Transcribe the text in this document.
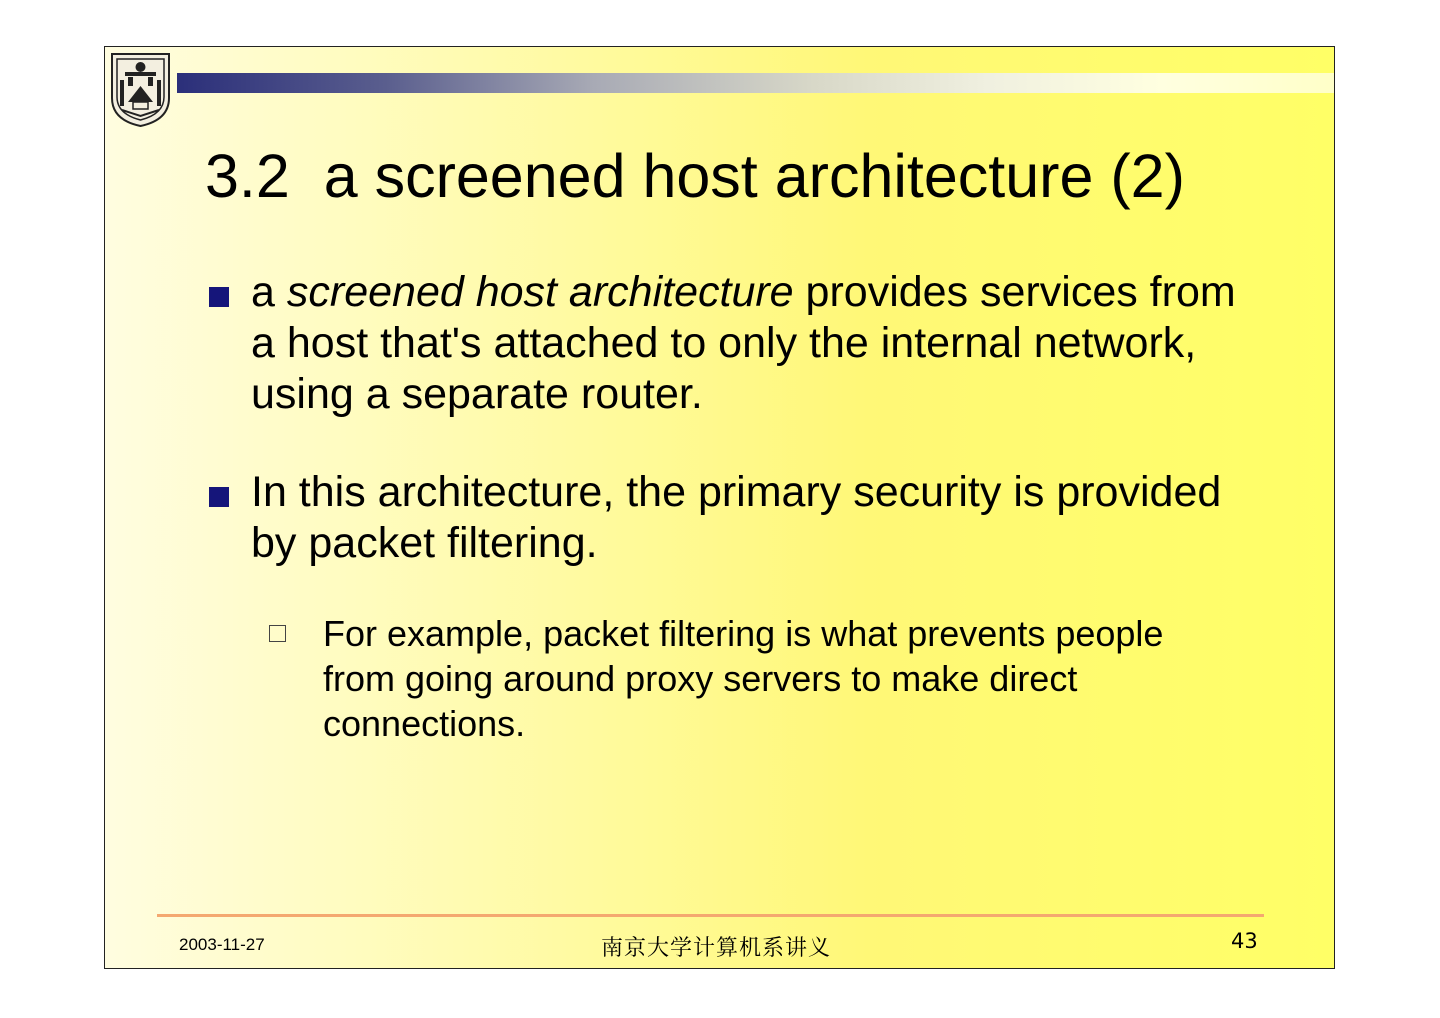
3.2  a screened host architecture (2)
a screened host architecture provides services from a host that's attached to only the internal network, using a separate router.
In this architecture, the primary security is provided by packet filtering.
For example, packet filtering is what prevents people from going around proxy servers to make direct connections.
2003-11-27	南京大学计算机系讲义	43
